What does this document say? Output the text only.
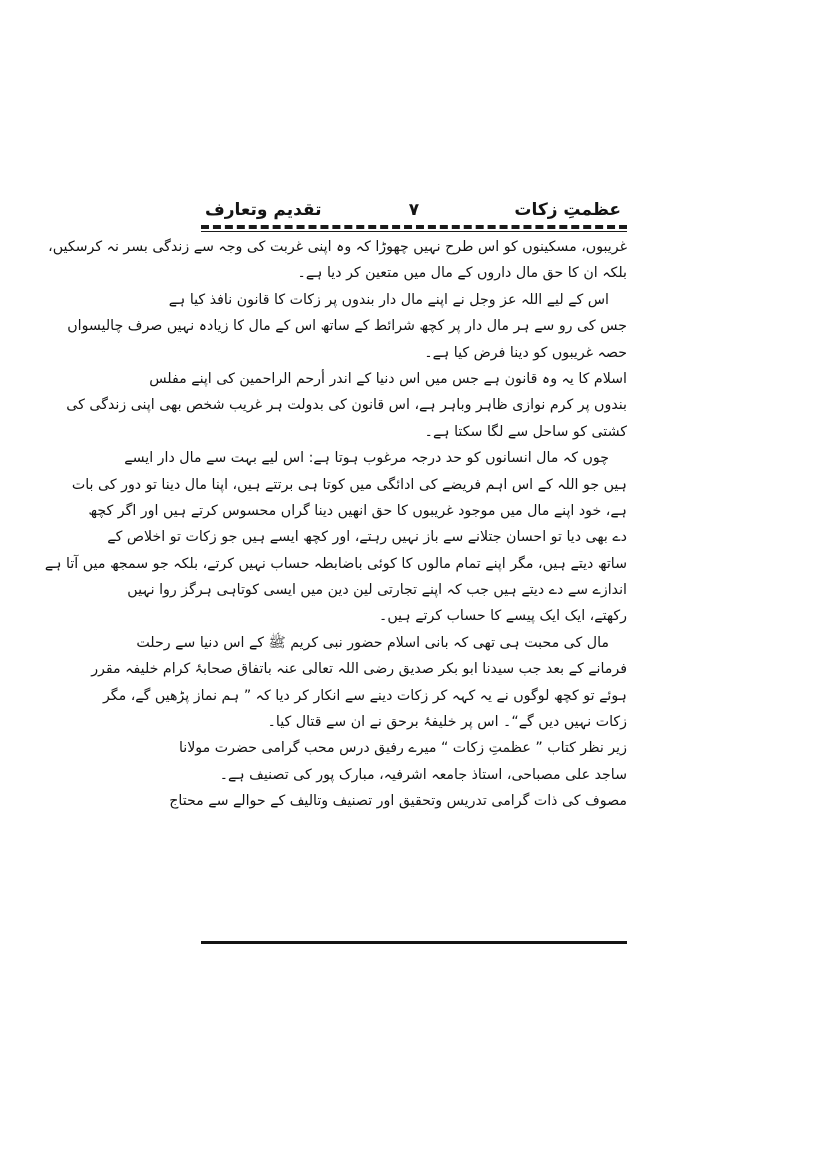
عظمتِ زکات
۷
تقدیم وتعارف
غریبوں، مسکینوں کو اس طرح نہیں چھوڑا کہ وہ اپنی غربت کی وجہ سے زندگی بسر نہ کرسکیں،
بلکہ ان کا حق مال داروں کے مال میں متعین کر دیا ہے۔
اس کے لیے اللہ عز وجل نے اپنے مال دار بندوں پر زکات کا قانون نافذ کیا ہے
جس کی رو سے ہر مال دار پر کچھ شرائط کے ساتھ اس کے مال کا زیادہ نہیں صرف چالیسواں
حصہ غریبوں کو دینا فرض کیا ہے۔
اسلام کا یہ وہ قانون ہے جس میں اس دنیا کے اندر أرحم الراحمین کی اپنے مفلس
بندوں پر کرم نوازی ظاہر وباہر ہے، اس قانون کی بدولت ہر غریب شخص بھی اپنی زندگی کی
کشتی کو ساحل سے لگا سکتا ہے۔
چوں کہ مال انسانوں کو حد درجہ مرغوب ہوتا ہے: اس لیے بہت سے مال دار ایسے
ہیں جو اللہ کے اس اہم فریضے کی ادائگی میں کوتا ہی برتتے ہیں، اپنا مال دینا تو دور کی بات
ہے، خود اپنے مال میں موجود غریبوں کا حق انھیں دینا گراں محسوس کرتے ہیں اور اگر کچھ
دے بھی دیا تو احسان جتلانے سے باز نہیں رہتے، اور کچھ ایسے ہیں جو زکات تو اخلاص کے
ساتھ دیتے ہیں، مگر اپنے تمام مالوں کا کوئی باضابطہ حساب نہیں کرتے، بلکہ جو سمجھ میں آتا ہے
اندازے سے دے دیتے ہیں جب کہ اپنے تجارتی لین دین میں ایسی کوتاہی ہرگز روا نہیں
رکھتے، ایک ایک پیسے کا حساب کرتے ہیں۔
مال کی محبت ہی تھی کہ بانی اسلام حضور نبی کریم ﷺ کے اس دنیا سے رحلت
فرمانے کے بعد جب سیدنا ابو بکر صدیق رضی اللہ تعالی عنہ باتفاق صحابۂ کرام خلیفہ مقرر
ہوئے تو کچھ لوگوں نے یہ کہہ کر زکات دینے سے انکار کر دیا کہ ” ہم نماز پڑھیں گے، مگر
زکات نہیں دیں گے“۔ اس پر خلیفۂ برحق نے ان سے قتال کیا۔
زیر نظر کتاب ” عظمتِ زکات “ میرے رفیق درس محب گرامی حضرت مولانا
ساجد علی مصباحی، استاذ جامعہ اشرفیہ، مبارک پور کی تصنیف ہے۔
مصوف کی ذات گرامی تدریس وتحقیق اور تصنیف وتالیف کے حوالے سے محتاج
